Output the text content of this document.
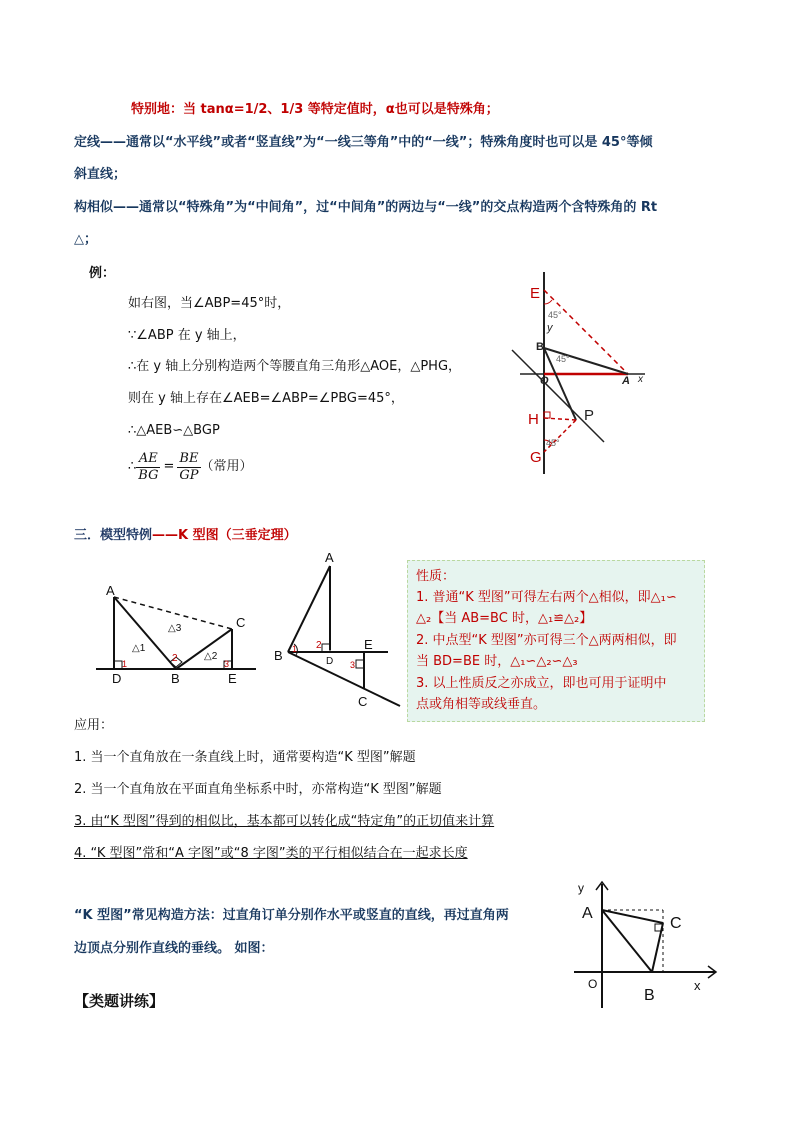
特别地：当 tanα=1/2、1/3 等特定值时，α也可以是特殊角；
定线——通常以“水平线”或者“竖直线”为“一线三等角”中的“一线”；特殊角度时也可以是 45°等倾
斜直线；
构相似——通常以“特殊角”为“中间角”，过“中间角”的两边与“一线”的交点构造两个含特殊角的 Rt
△；
例：
如右图，当∠ABP=45°时，
∵∠ABP 在 y 轴上，
∴在 y 轴上分别构造两个等腰直角三角形△AOE，△PHG，
则在 y 轴上存在∠AEB=∠ABP=∠PBG=45°，
∴△AEB∽△BGP
∴ $\frac{AE}{BG} = \frac{BE}{GP}$ （常用）
E
45°
y
B
45°
O	A x
H	P
45°
G
三．模型特例——K 型图（三垂定理）
A
C
D	B	E
1	2	3
△1
△2
△3
A
B	D
E
C
1 2
3
性质：
1. 普通“K 型图”可得左右两个△相似，即△₁∽
△₂【当 AB=BC 时，△₁≌△₂】
2. 中点型“K 型图”亦可得三个△两两相似，即
当 BD=BE 时，△₁∽△₂∽△₃
3. 以上性质反之亦成立，即也可用于证明中
点或角相等或线垂直。
应用：
1. 当一个直角放在一条直线上时，通常要构造“K 型图”解题
2. 当一个直角放在平面直角坐标系中时，亦常构造“K 型图”解题
3. 由“K 型图”得到的相似比，基本都可以转化成“特定角”的正切值来计算
4. “K 型图”常和“A 字图”或“8 字图”类的平行相似结合在一起求长度
“K 型图”常见构造方法：过直角订单分别作水平或竖直的直线，再过直角两
边顶点分别作直线的垂线。 如图：
y
A
C
O
B
x
【类题讲练】
